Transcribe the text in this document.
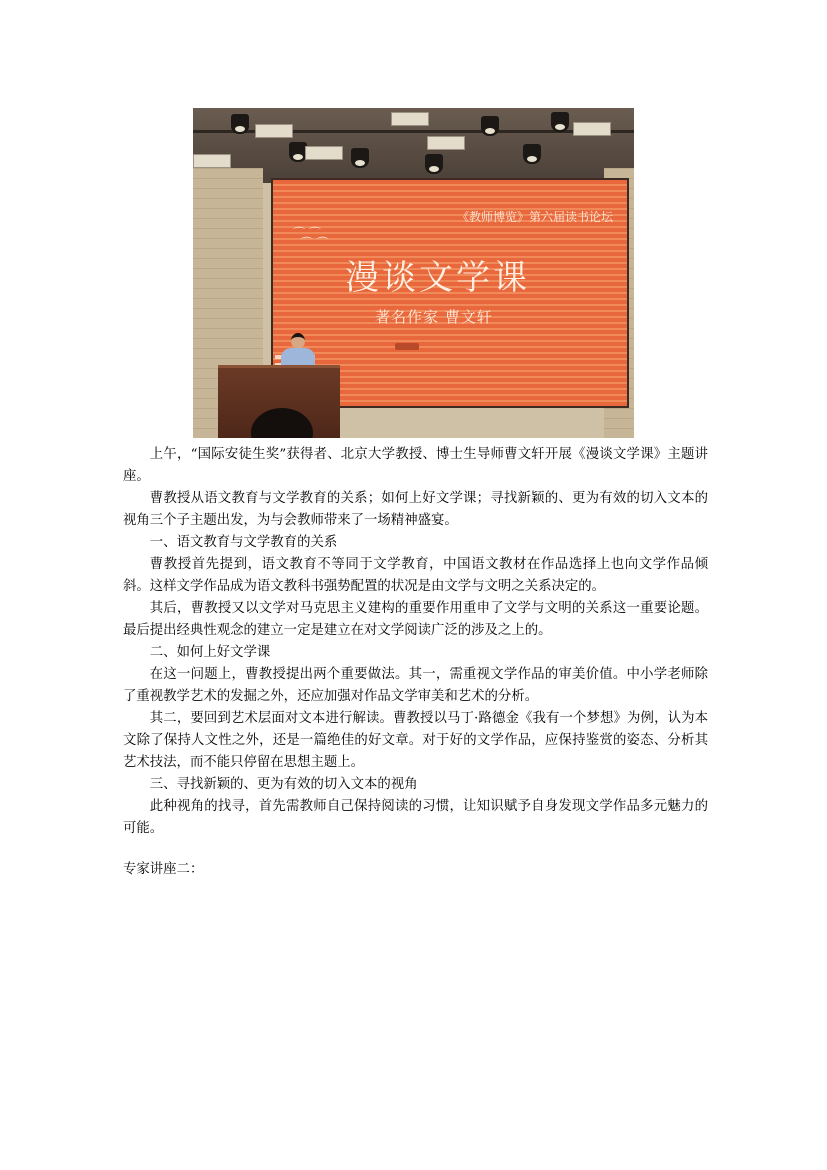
《教师博览》第六届读书论坛
⌒ ⌒
⌒ ⌒
漫谈文学课
著名作家 曹文轩

上午，“国际安徒生奖”获得者、北京大学教授、博士生导师曹文轩开展《漫谈文学课》主题讲座。

曹教授从语文教育与文学教育的关系；如何上好文学课；寻找新颖的、更为有效的切入文本的视角三个子主题出发，为与会教师带来了一场精神盛宴。

一、语文教育与文学教育的关系

曹教授首先提到，语文教育不等同于文学教育，中国语文教材在作品选择上也向文学作品倾斜。这样文学作品成为语文教科书强势配置的状况是由文学与文明之关系决定的。

其后，曹教授又以文学对马克思主义建构的重要作用重申了文学与文明的关系这一重要论题。最后提出经典性观念的建立一定是建立在对文学阅读广泛的涉及之上的。

二、如何上好文学课

在这一问题上，曹教授提出两个重要做法。其一，需重视文学作品的审美价值。中小学老师除了重视教学艺术的发掘之外，还应加强对作品文学审美和艺术的分析。

其二，要回到艺术层面对文本进行解读。曹教授以马丁·路德金《我有一个梦想》为例，认为本文除了保持人文性之外，还是一篇绝佳的好文章。对于好的文学作品，应保持鉴赏的姿态、分析其艺术技法，而不能只停留在思想主题上。

三、寻找新颖的、更为有效的切入文本的视角

此种视角的找寻，首先需教师自己保持阅读的习惯，让知识赋予自身发现文学作品多元魅力的可能。

专家讲座二：
